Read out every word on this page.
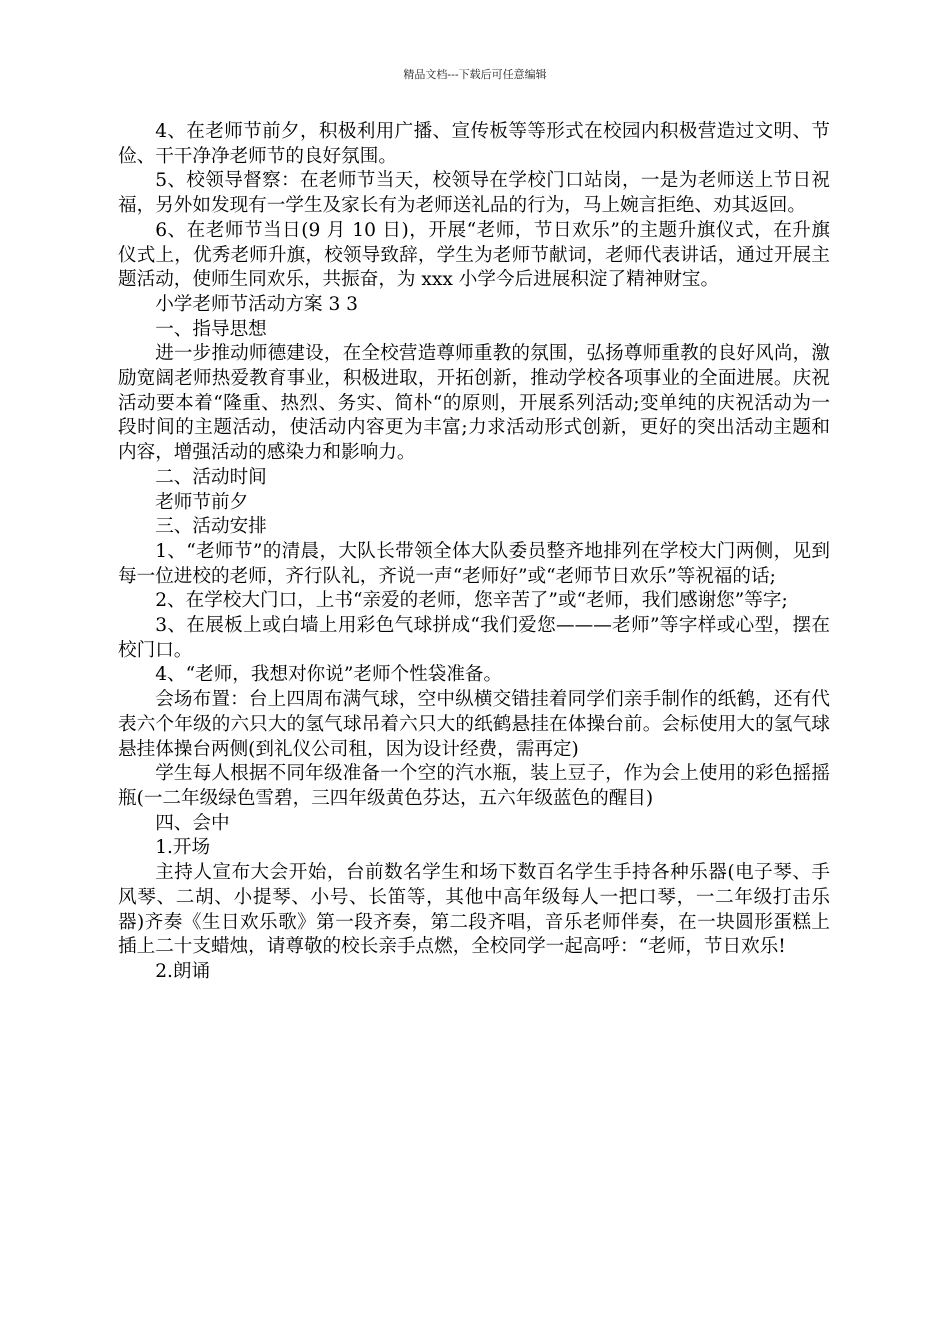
精品文档---下载后可任意编辑

4、在老师节前夕，积极利用广播、宣传板等等形式在校园内积极营造过文明、节俭、干干净净老师节的良好氛围。

5、校领导督察：在老师节当天，校领导在学校门口站岗，一是为老师送上节日祝福，另外如发现有一学生及家长有为老师送礼品的行为，马上婉言拒绝、劝其返回。

6、在老师节当日(9 月 10 日)，开展“老师，节日欢乐”的主题升旗仪式，在升旗仪式上，优秀老师升旗，校领导致辞，学生为老师节献词，老师代表讲话，通过开展主题活动，使师生同欢乐，共振奋，为 xxx 小学今后进展积淀了精神财宝。

小学老师节活动方案 3 3

一、指导思想

进一步推动师德建设，在全校营造尊师重教的氛围，弘扬尊师重教的良好风尚，激励宽阔老师热爱教育事业，积极进取，开拓创新，推动学校各项事业的全面进展。庆祝活动要本着“隆重、热烈、务实、简朴“的原则，开展系列活动;变单纯的庆祝活动为一段时间的主题活动，使活动内容更为丰富;力求活动形式创新，更好的突出活动主题和内容，增强活动的感染力和影响力。

二、活动时间

老师节前夕

三、活动安排

1、“老师节”的清晨，大队长带领全体大队委员整齐地排列在学校大门两侧，见到每一位进校的老师，齐行队礼，齐说一声“老师好”或“老师节日欢乐”等祝福的话;

2、在学校大门口，上书“亲爱的老师，您辛苦了”或“老师，我们感谢您”等字;

3、在展板上或白墙上用彩色气球拼成“我们爱您———老师”等字样或心型，摆在校门口。

4、“老师，我想对你说”老师个性袋准备。

会场布置：台上四周布满气球，空中纵横交错挂着同学们亲手制作的纸鹤，还有代表六个年级的六只大的氢气球吊着六只大的纸鹤悬挂在体操台前。会标使用大的氢气球悬挂体操台两侧(到礼仪公司租，因为设计经费，需再定)

学生每人根据不同年级准备一个空的汽水瓶，装上豆子，作为会上使用的彩色摇摇瓶(一二年级绿色雪碧，三四年级黄色芬达，五六年级蓝色的醒目)

四、会中

1.开场

主持人宣布大会开始，台前数名学生和场下数百名学生手持各种乐器(电子琴、手风琴、二胡、小提琴、小号、长笛等，其他中高年级每人一把口琴，一二年级打击乐器)齐奏《生日欢乐歌》第一段齐奏，第二段齐唱，音乐老师伴奏，在一块圆形蛋糕上插上二十支蜡烛，请尊敬的校长亲手点燃，全校同学一起高呼：“老师，节日欢乐!

2.朗诵
